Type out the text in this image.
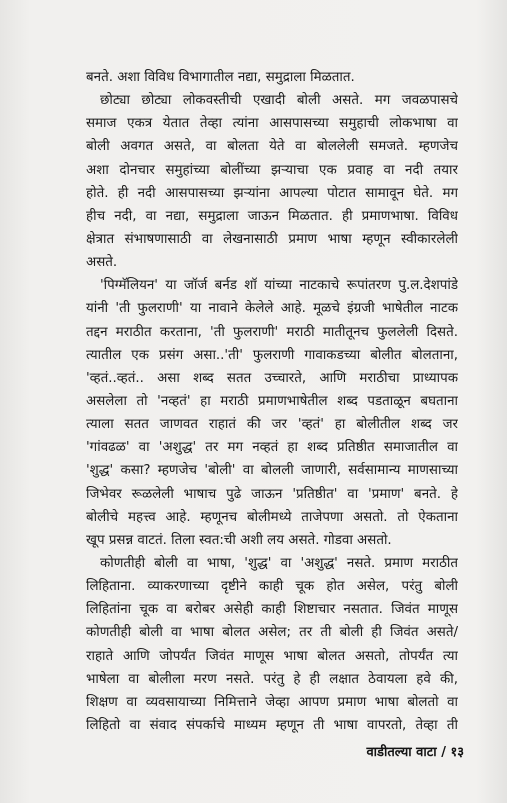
बनते. अशा विविध विभागातील नद्या, समुद्राला मिळतात.
छोट्या छोट्या लोकवस्तीची एखादी बोली असते. मग जवळपासचे
समाज एकत्र येतात तेव्हा त्यांना आसपासच्या समुहाची लोकभाषा वा
बोली अवगत असते, वा बोलता येते वा बोललेली समजते. म्हणजेच
अशा दोनचार समुहांच्या बोलींच्या झऱ्याचा एक प्रवाह वा नदी तयार
होते. ही नदी आसपासच्या झऱ्यांना आपल्या पोटात सामावून घेते. मग
हीच नदी, वा नद्या, समुद्राला जाऊन मिळतात. ही प्रमाणभाषा. विविध
क्षेत्रात संभाषणासाठी वा लेखनासाठी प्रमाण भाषा म्हणून स्वीकारलेली
असते.
'पिग्मॅलियन' या जॉर्ज बर्नड शॉ यांच्या नाटकाचे रूपांतरण पु.ल.देशपांडे
यांनी 'ती फुलराणी' या नावाने केलेले आहे. मूळचे इंग्रजी भाषेतील नाटक
तद्दन मराठीत करताना, 'ती फुलराणी' मराठी मातीतूनच फुललेली दिसते.
त्यातील एक प्रसंग असा..'ती' फुलराणी गावाकडच्या बोलीत बोलताना,
'व्हतं..व्हतं.. असा शब्द सतत उच्चारते, आणि मराठीचा प्राध्यापक
असलेला तो 'नव्हतं' हा मराठी प्रमाणभाषेतील शब्द पडताळून बघताना
त्याला सतत जाणवत राहातं की जर 'व्हतं' हा बोलीतील शब्द जर
'गांवढळ' वा 'अशुद्ध' तर मग नव्हतं हा शब्द प्रतिष्ठीत समाजातील वा
'शुद्ध' कसा? म्हणजेच 'बोली' वा बोलली जाणारी, सर्वसामान्य माणसाच्या
जिभेवर रूळलेली भाषाच पुढे जाऊन 'प्रतिष्ठीत' वा 'प्रमाण' बनते. हे
बोलीचे महत्त्व आहे. म्हणूनच बोलीमध्ये ताजेपणा असतो. तो ऐकताना
खूप प्रसन्न वाटतं. तिला स्वत:ची अशी लय असते. गोडवा असतो.
कोणतीही बोली वा भाषा, 'शुद्ध' वा 'अशुद्ध' नसते. प्रमाण मराठीत
लिहिताना. व्याकरणाच्या दृष्टीने काही चूक होत असेल, परंतु बोली
लिहितांना चूक वा बरोबर असेही काही शिष्टाचार नसतात. जिवंत माणूस
कोणतीही बोली वा भाषा बोलत असेल; तर ती बोली ही जिवंत असते/
राहाते आणि जोपर्यंत जिवंत माणूस भाषा बोलत असतो, तोपर्यंत त्या
भाषेला वा बोलीला मरण नसते. परंतु हे ही लक्षात ठेवायला हवे की,
शिक्षण वा व्यवसायाच्या निमित्ताने जेव्हा आपण प्रमाण भाषा बोलतो वा
लिहितो वा संवाद संपर्काचे माध्यम म्हणून ती भाषा वापरतो, तेव्हा ती
वाडीतल्या वाटा / १३
